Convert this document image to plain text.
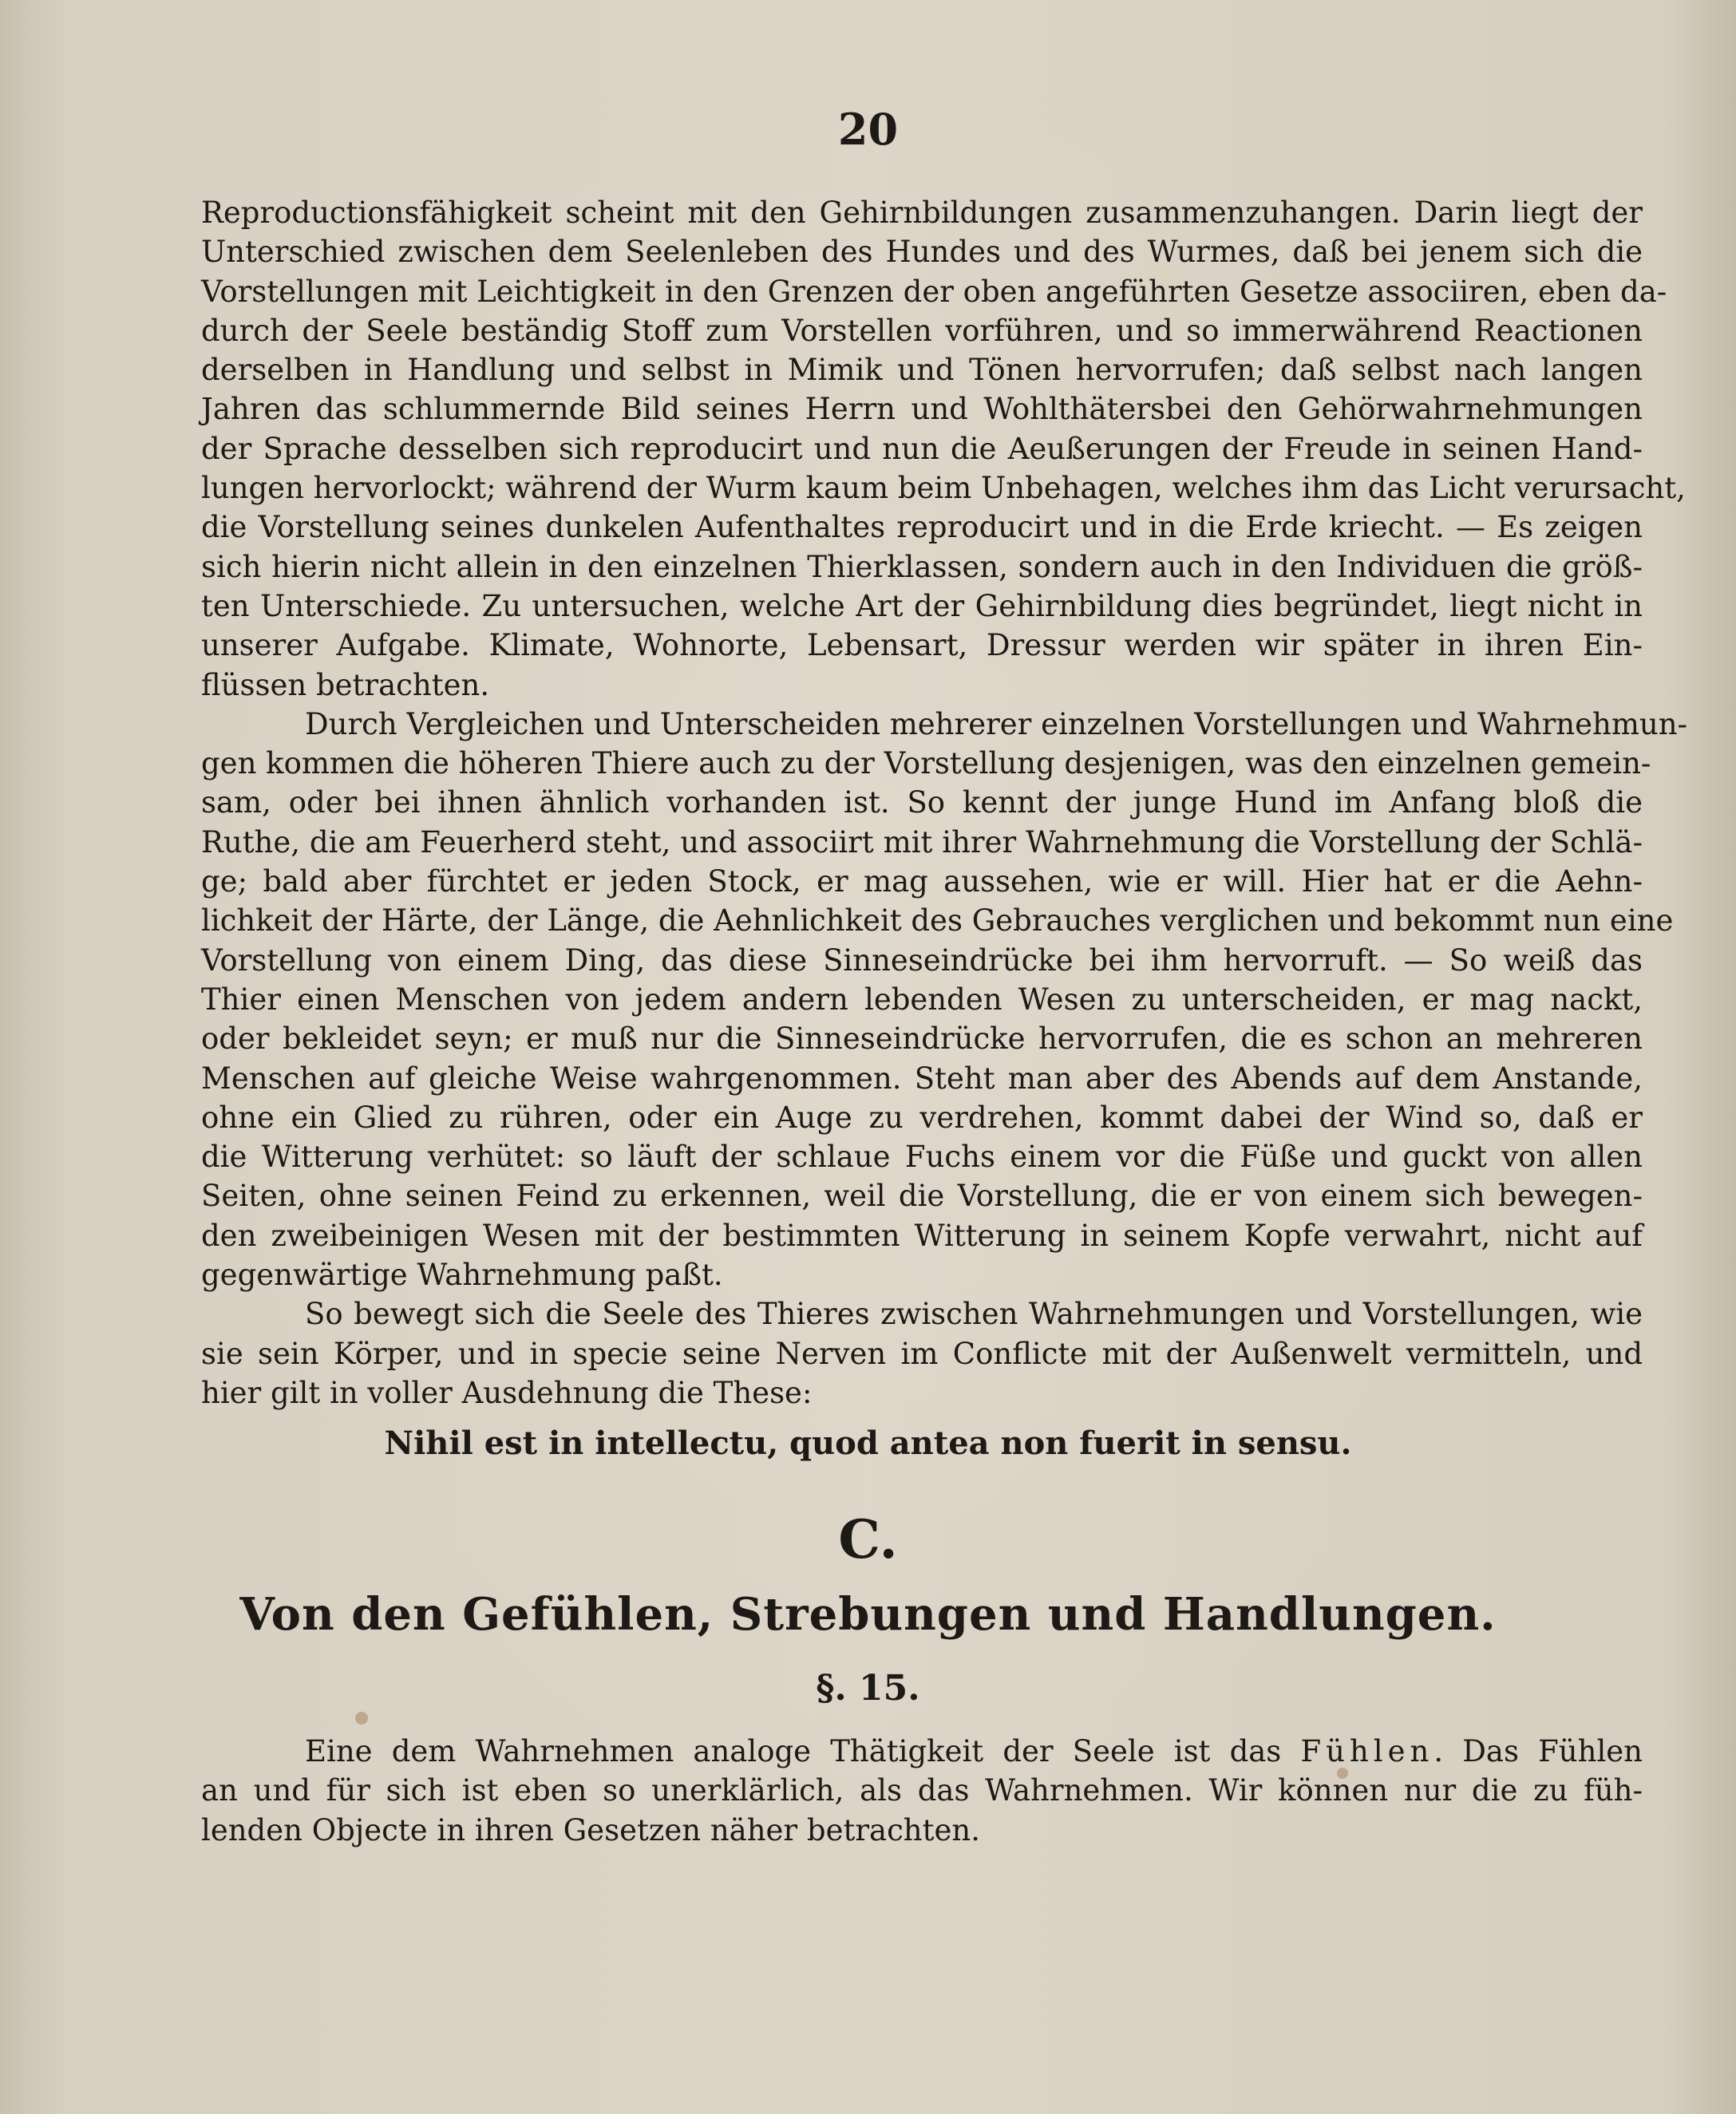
20
Reproductionsfähigkeit scheint mit den Gehirnbildungen zusammenzuhangen. Darin liegt der
Unterschied zwischen dem Seelenleben des Hundes und des Wurmes, daß bei jenem sich die
Vorstellungen mit Leichtigkeit in den Grenzen der oben angeführten Gesetze associiren, eben da-
durch der Seele beständig Stoff zum Vorstellen vorführen, und so immerwährend Reactionen
derselben in Handlung und selbst in Mimik und Tönen hervorrufen; daß selbst nach langen
Jahren das schlummernde Bild seines Herrn und Wohlthätersbei den Gehörwahrnehmungen
der Sprache desselben sich reproducirt und nun die Aeußerungen der Freude in seinen Hand-
lungen hervorlockt; während der Wurm kaum beim Unbehagen, welches ihm das Licht verursacht,
die Vorstellung seines dunkelen Aufenthaltes reproducirt und in die Erde kriecht. — Es zeigen
sich hierin nicht allein in den einzelnen Thierklassen, sondern auch in den Individuen die größ-
ten Unterschiede. Zu untersuchen, welche Art der Gehirnbildung dies begründet, liegt nicht in
unserer Aufgabe. Klimate, Wohnorte, Lebensart, Dressur werden wir später in ihren Ein-
flüssen betrachten.
Durch Vergleichen und Unterscheiden mehrerer einzelnen Vorstellungen und Wahrnehmun-
gen kommen die höheren Thiere auch zu der Vorstellung desjenigen, was den einzelnen gemein-
sam, oder bei ihnen ähnlich vorhanden ist. So kennt der junge Hund im Anfang bloß die
Ruthe, die am Feuerherd steht, und associirt mit ihrer Wahrnehmung die Vorstellung der Schlä-
ge; bald aber fürchtet er jeden Stock, er mag aussehen, wie er will. Hier hat er die Aehn-
lichkeit der Härte, der Länge, die Aehnlichkeit des Gebrauches verglichen und bekommt nun eine
Vorstellung von einem Ding, das diese Sinneseindrücke bei ihm hervorruft. — So weiß das
Thier einen Menschen von jedem andern lebenden Wesen zu unterscheiden, er mag nackt,
oder bekleidet seyn; er muß nur die Sinneseindrücke hervorrufen, die es schon an mehreren
Menschen auf gleiche Weise wahrgenommen. Steht man aber des Abends auf dem Anstande,
ohne ein Glied zu rühren, oder ein Auge zu verdrehen, kommt dabei der Wind so, daß er
die Witterung verhütet: so läuft der schlaue Fuchs einem vor die Füße und guckt von allen
Seiten, ohne seinen Feind zu erkennen, weil die Vorstellung, die er von einem sich bewegen-
den zweibeinigen Wesen mit der bestimmten Witterung in seinem Kopfe verwahrt, nicht auf
gegenwärtige Wahrnehmung paßt.
So bewegt sich die Seele des Thieres zwischen Wahrnehmungen und Vorstellungen, wie
sie sein Körper, und in specie seine Nerven im Conflicte mit der Außenwelt vermitteln, und
hier gilt in voller Ausdehnung die These:
Nihil est in intellectu, quod antea non fuerit in sensu.
C.
Von den Gefühlen, Strebungen und Handlungen.
§. 15.
Eine dem Wahrnehmen analoge Thätigkeit der Seele ist das Fühlen. Das Fühlen
an und für sich ist eben so unerklärlich, als das Wahrnehmen. Wir können nur die zu füh-
lenden Objecte in ihren Gesetzen näher betrachten.
